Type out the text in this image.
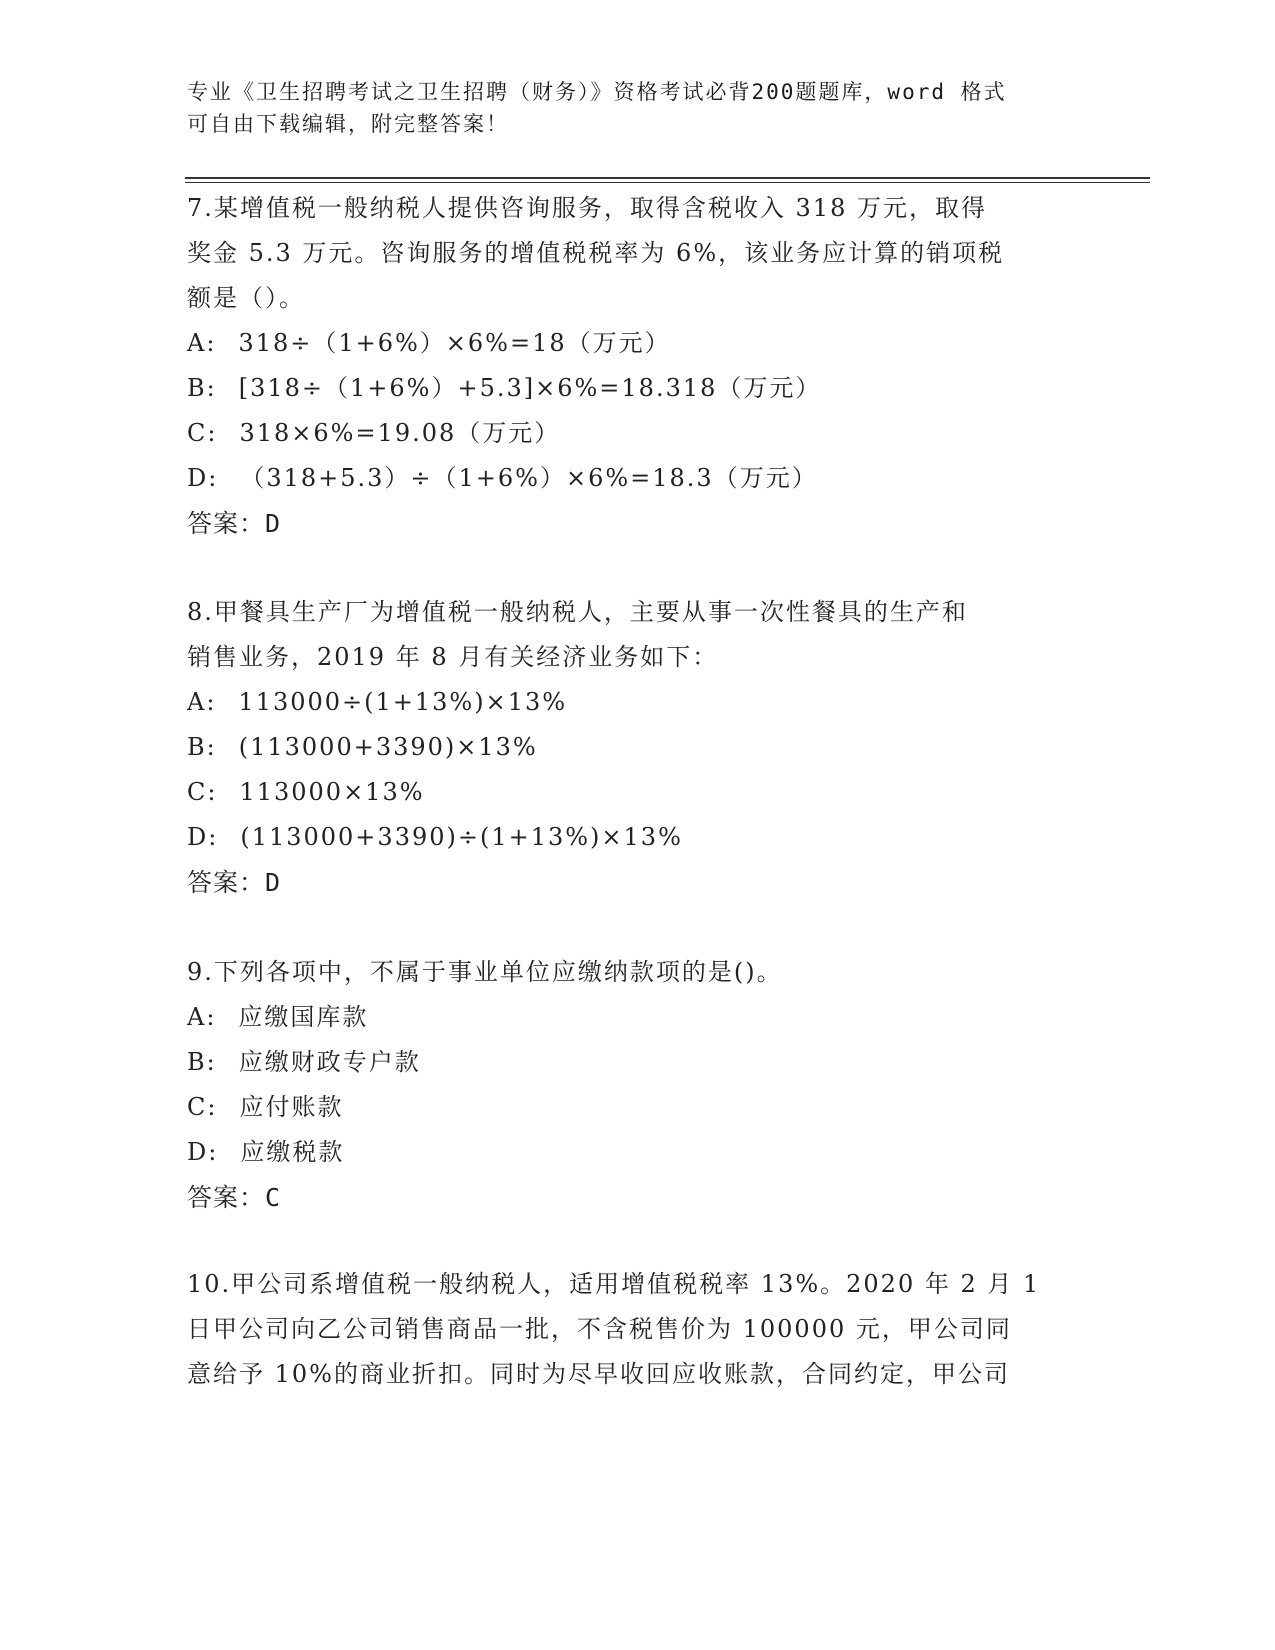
专业《卫生招聘考试之卫生招聘（财务）》资格考试必背200题题库，word 格式
可自由下载编辑，附完整答案！
7.某增值税一般纳税人提供咨询服务，取得含税收入 318 万元，取得
奖金 5.3 万元。咨询服务的增值税税率为 6%，该业务应计算的销项税
额是（）。
A: 318÷（1+6%）×6%=18（万元）
B: [318÷（1+6%）+5.3]×6%=18.318（万元）
C: 318×6%=19.08（万元）
D: （318+5.3）÷（1+6%）×6%=18.3（万元）
答案：D
8.甲餐具生产厂为增值税一般纳税人，主要从事一次性餐具的生产和
销售业务，2019 年 8 月有关经济业务如下：
A: 113000÷(1+13%)×13%
B: (113000+3390)×13%
C: 113000×13%
D: (113000+3390)÷(1+13%)×13%
答案：D
9.下列各项中，不属于事业单位应缴纳款项的是()。
A: 应缴国库款
B: 应缴财政专户款
C: 应付账款
D: 应缴税款
答案：C
10.甲公司系增值税一般纳税人，适用增值税税率 13%。2020 年 2 月 1
日甲公司向乙公司销售商品一批，不含税售价为 100000 元，甲公司同
意给予 10%的商业折扣。同时为尽早收回应收账款，合同约定，甲公司
